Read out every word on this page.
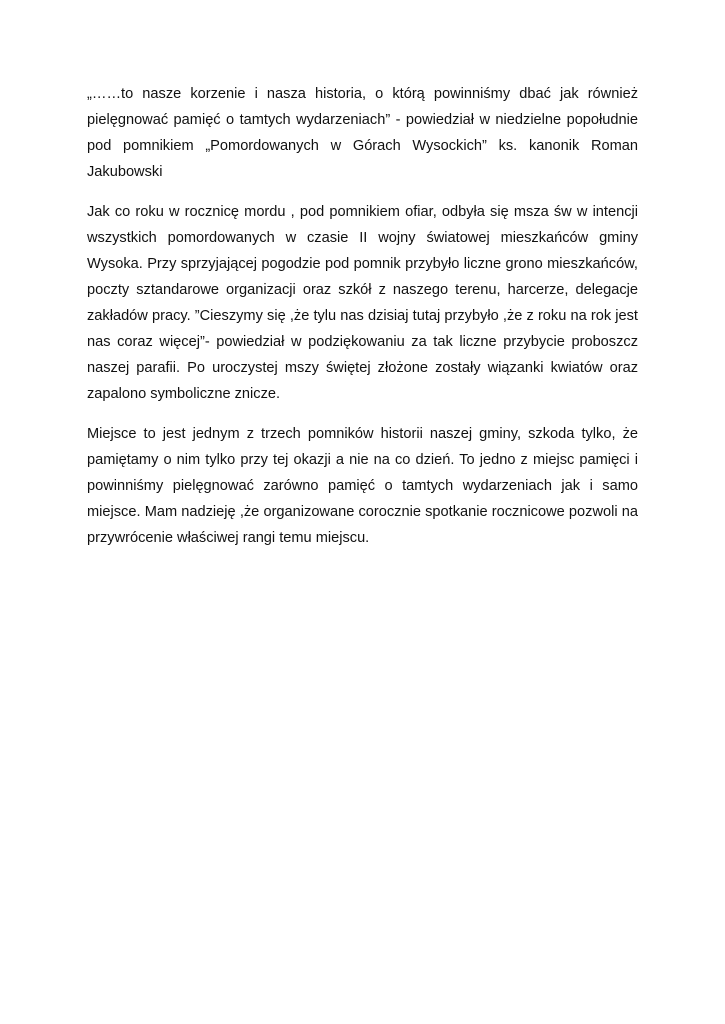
„……to nasze korzenie i nasza historia, o którą powinniśmy dbać jak również pielęgnować pamięć o tamtych wydarzeniach” - powiedział w niedzielne popołudnie pod pomnikiem „Pomordowanych w Górach Wysockich” ks. kanonik Roman Jakubowski

Jak co roku w rocznicę mordu , pod pomnikiem ofiar, odbyła się msza św w intencji wszystkich pomordowanych w czasie II wojny światowej mieszkańców gminy Wysoka. Przy sprzyjającej pogodzie pod pomnik przybyło liczne grono mieszkańców, poczty sztandarowe organizacji oraz szkół z naszego terenu, harcerze, delegacje zakładów pracy. ”Cieszymy się ,że tylu nas dzisiaj tutaj przybyło ,że z roku na rok jest nas coraz więcej”- powiedział w podziękowaniu za tak liczne przybycie proboszcz naszej parafii. Po uroczystej mszy świętej złożone zostały wiązanki kwiatów oraz zapalono symboliczne znicze.

Miejsce to jest jednym z trzech pomników historii naszej gminy, szkoda tylko, że pamiętamy o nim tylko przy tej okazji a nie na co dzień. To jedno z miejsc pamięci i powinniśmy pielęgnować zarówno pamięć o tamtych wydarzeniach jak i samo miejsce. Mam nadzieję ,że organizowane corocznie spotkanie rocznicowe pozwoli na przywrócenie właściwej rangi temu miejscu.
